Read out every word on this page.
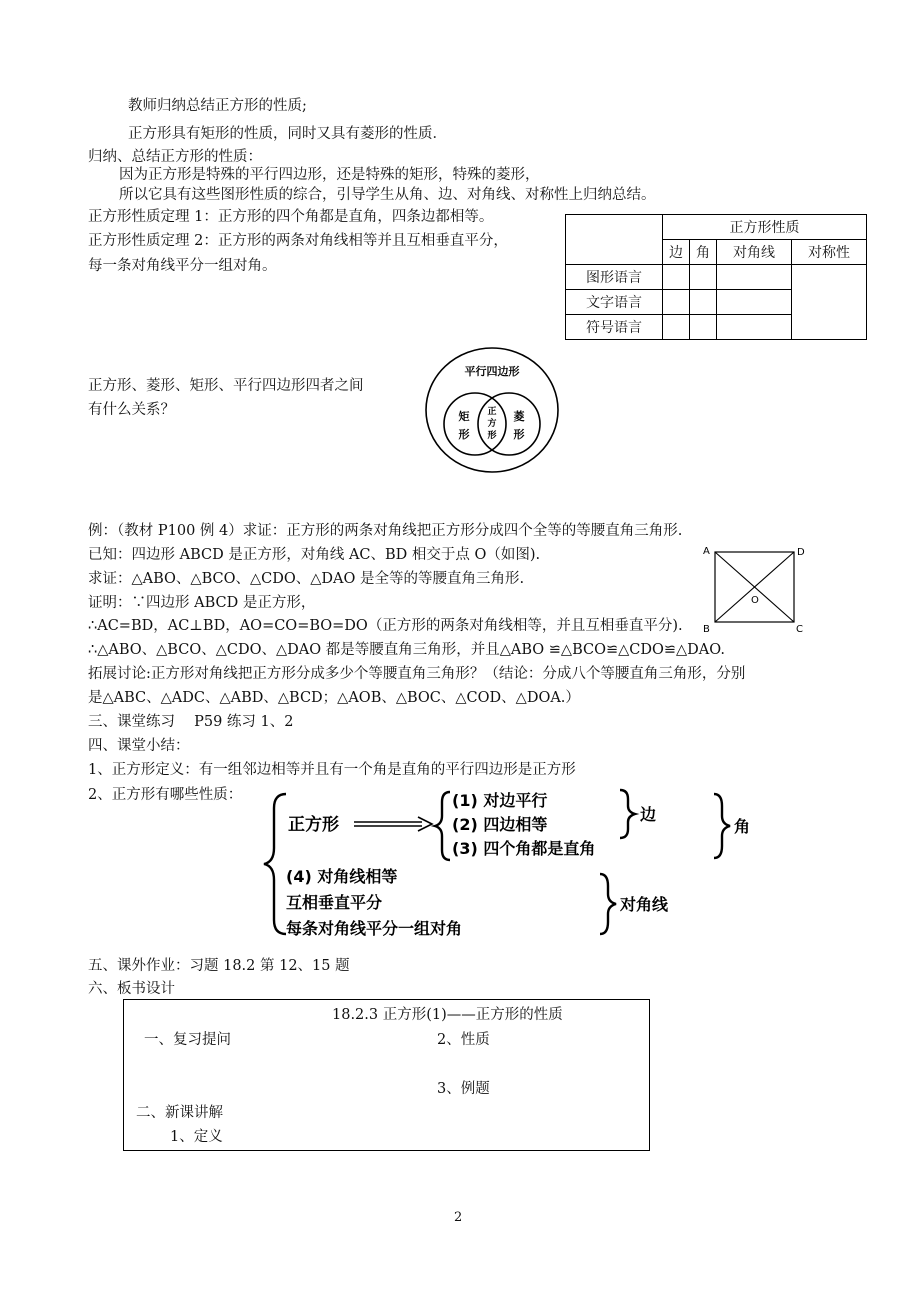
教师归纳总结正方形的性质;
正方形具有矩形的性质，同时又具有菱形的性质．
归纳、总结正方形的性质：
因为正方形是特殊的平行四边形，还是特殊的矩形，特殊的菱形，
所以它具有这些图形性质的综合，引导学生从角、边、对角线、对称性上归纳总结。
正方形性质定理 1：正方形的四个角都是直角，四条边都相等。
正方形性质定理 2：正方形的两条对角线相等并且互相垂直平分，
每一条对角线平分一组对角。
	正方形性质			
	边	角	对角线	对称性
图形语言				
文字语言				
符号语言				
正方形、菱形、矩形、平行四边形四者之间
有什么关系？
平行四边形
矩
形
正
方
形
菱
形
例：（教材 P100 例 4）求证：正方形的两条对角线把正方形分成四个全等的等腰直角三角形.
已知：四边形 ABCD 是正方形，对角线 AC、BD 相交于点 O（如图).
求证：△ABO、△BCO、△CDO、△DAO 是全等的等腰直角三角形.
证明：∵四边形 ABCD 是正方形，
∴AC=BD，AC⊥BD，AO=CO=BO=DO（正方形的两条对角线相等，并且互相垂直平分).
∴△ABO、△BCO、△CDO、△DAO 都是等腰直角三角形，并且△ABO ≌△BCO≌△CDO≌△DAO.
拓展讨论:正方形对角线把正方形分成多少个等腰直角三角形？（结论：分成八个等腰直角三角形，分别
是△ABC、△ADC、△ABD、△BCD；△AOB、△BOC、△COD、△DOA.）
A	D
B	C
O
三、课堂练习　 P59 练习 1、2
四、课堂小结：
1、正方形定义：有一组邻边相等并且有一个角是直角的平行四边形是正方形
2、正方形有哪些性质：
正方形
(1) 对边平行
(2) 四边相等
(3) 四个角都是直角
边
角
(4) 对角线相等
互相垂直平分
每条对角线平分一组对角
对角线
五、课外作业：习题 18.2 第 12、15 题
六、板书设计
18.2.3 正方形(1)——正方形的性质
一、复习提问	2、性质
3、例题
二、新课讲解
1、定义
2
